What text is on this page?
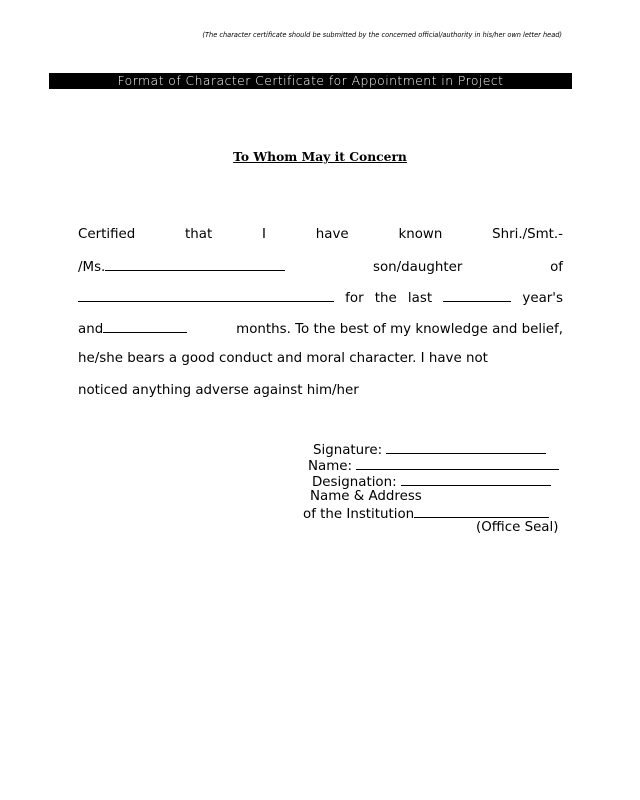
(The character certificate should be submitted by the concerned official/authority in his/her own letter head)
Format of Character Certificate for Appointment in Project
To Whom May it Concern
Certified	that	I	have	known	Shri./Smt.-
/Ms.	son/daughter	of
for the last	year's
and	months. To the best of my knowledge and belief,
he/she bears a good conduct and moral character. I have not
noticed anything adverse against him/her
Signature:
Name:
Designation:
Name & Address
of the Institution
(Office Seal)
